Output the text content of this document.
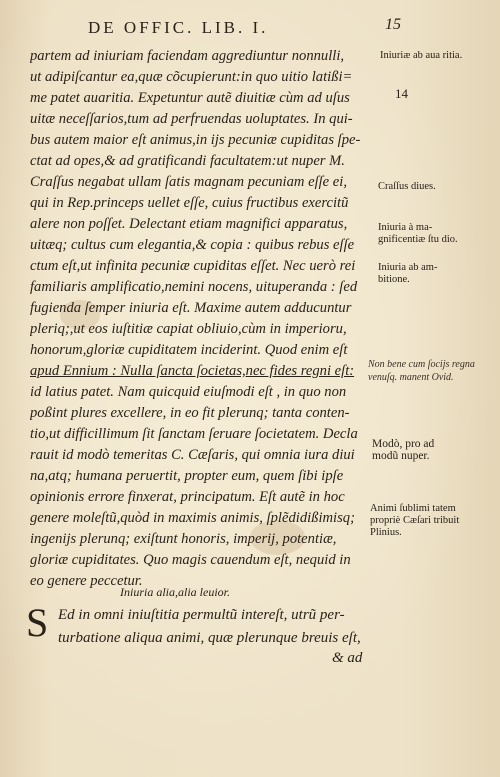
DE OFFIC. LIB. I.	15
partem ad iniuriam faciendam aggrediuntur nonnulli,
ut adipiſcantur ea,quæ cõcupierunt:in quo uitio latißi=
me patet auaritia. Expetuntur autẽ diuitiæ cùm ad uſus
uitæ neceſſarios,tum ad perfruendas uoluptates. In qui-
bus autem maior eſt animus,in ijs pecuniæ cupiditas ſpe-
ctat ad opes,& ad gratificandi facultatem:ut nuper M.
Craſſus negabat ullam ſatis magnam pecuniam eſſe ei,
qui in Rep.princeps uellet eſſe, cuius fructibus exercitũ
alere non poſſet. Delectant etiam magnifici apparatus,
uitæq; cultus cum elegantia,& copia : quibus rebus eſſe
ctum eſt,ut infinita pecuniæ cupiditas eſſet. Nec uerò rei
familiaris amplificatio,nemini nocens, uituperanda : ſed
fugienda ſemper iniuria eſt. Maxime autem adducuntur
pleriq;,ut eos iuſtitiæ capiat obliuio,cùm in imperioru,
honorum,gloriæ cupiditatem inciderint. Quod enim eſt
apud Ennium : Nulla ſancta ſocietas,nec fides regni eſt:
id latius patet. Nam quicquid eiuſmodi eſt , in quo non
poßint plures excellere, in eo fit plerunq; tanta conten-
tio,ut difficillimum ſit ſanctam ſeruare ſocietatem. Decla
rauit id modò temeritas C. Cæſaris, qui omnia iura diui
na,atq; humana peruertit, propter eum, quem ſibi ipſe
opinionis errore finxerat, principatum. Eſt autẽ in hoc
genere moleſtũ,quòd in maximis animis, ſplẽdidißimisq;
ingenijs plerunq; exiſtunt honoris, imperij, potentiæ,
gloriæ cupiditates. Quo magis cauendum eſt, nequid in
eo genere peccetur.
Iniuria alia,alia leuior.
S Ed in omni iniuſtitia permultũ intereſt, utrũ per-
turbatione aliqua animi, quæ plerunque breuis eſt,
& ad
Iniuriæ ab aua ritia.
14
Craſſus diues.
Iniuria à ma- gnificentiæ ſtu dio.
Iniuria ab am- bitione.
Non bene cum ſocijs regna venuſq. manent Ovid.
Modò, pro ad modũ nuper.
Animi ſublimi tatem propriè Cæſari tribuit Plinius.
